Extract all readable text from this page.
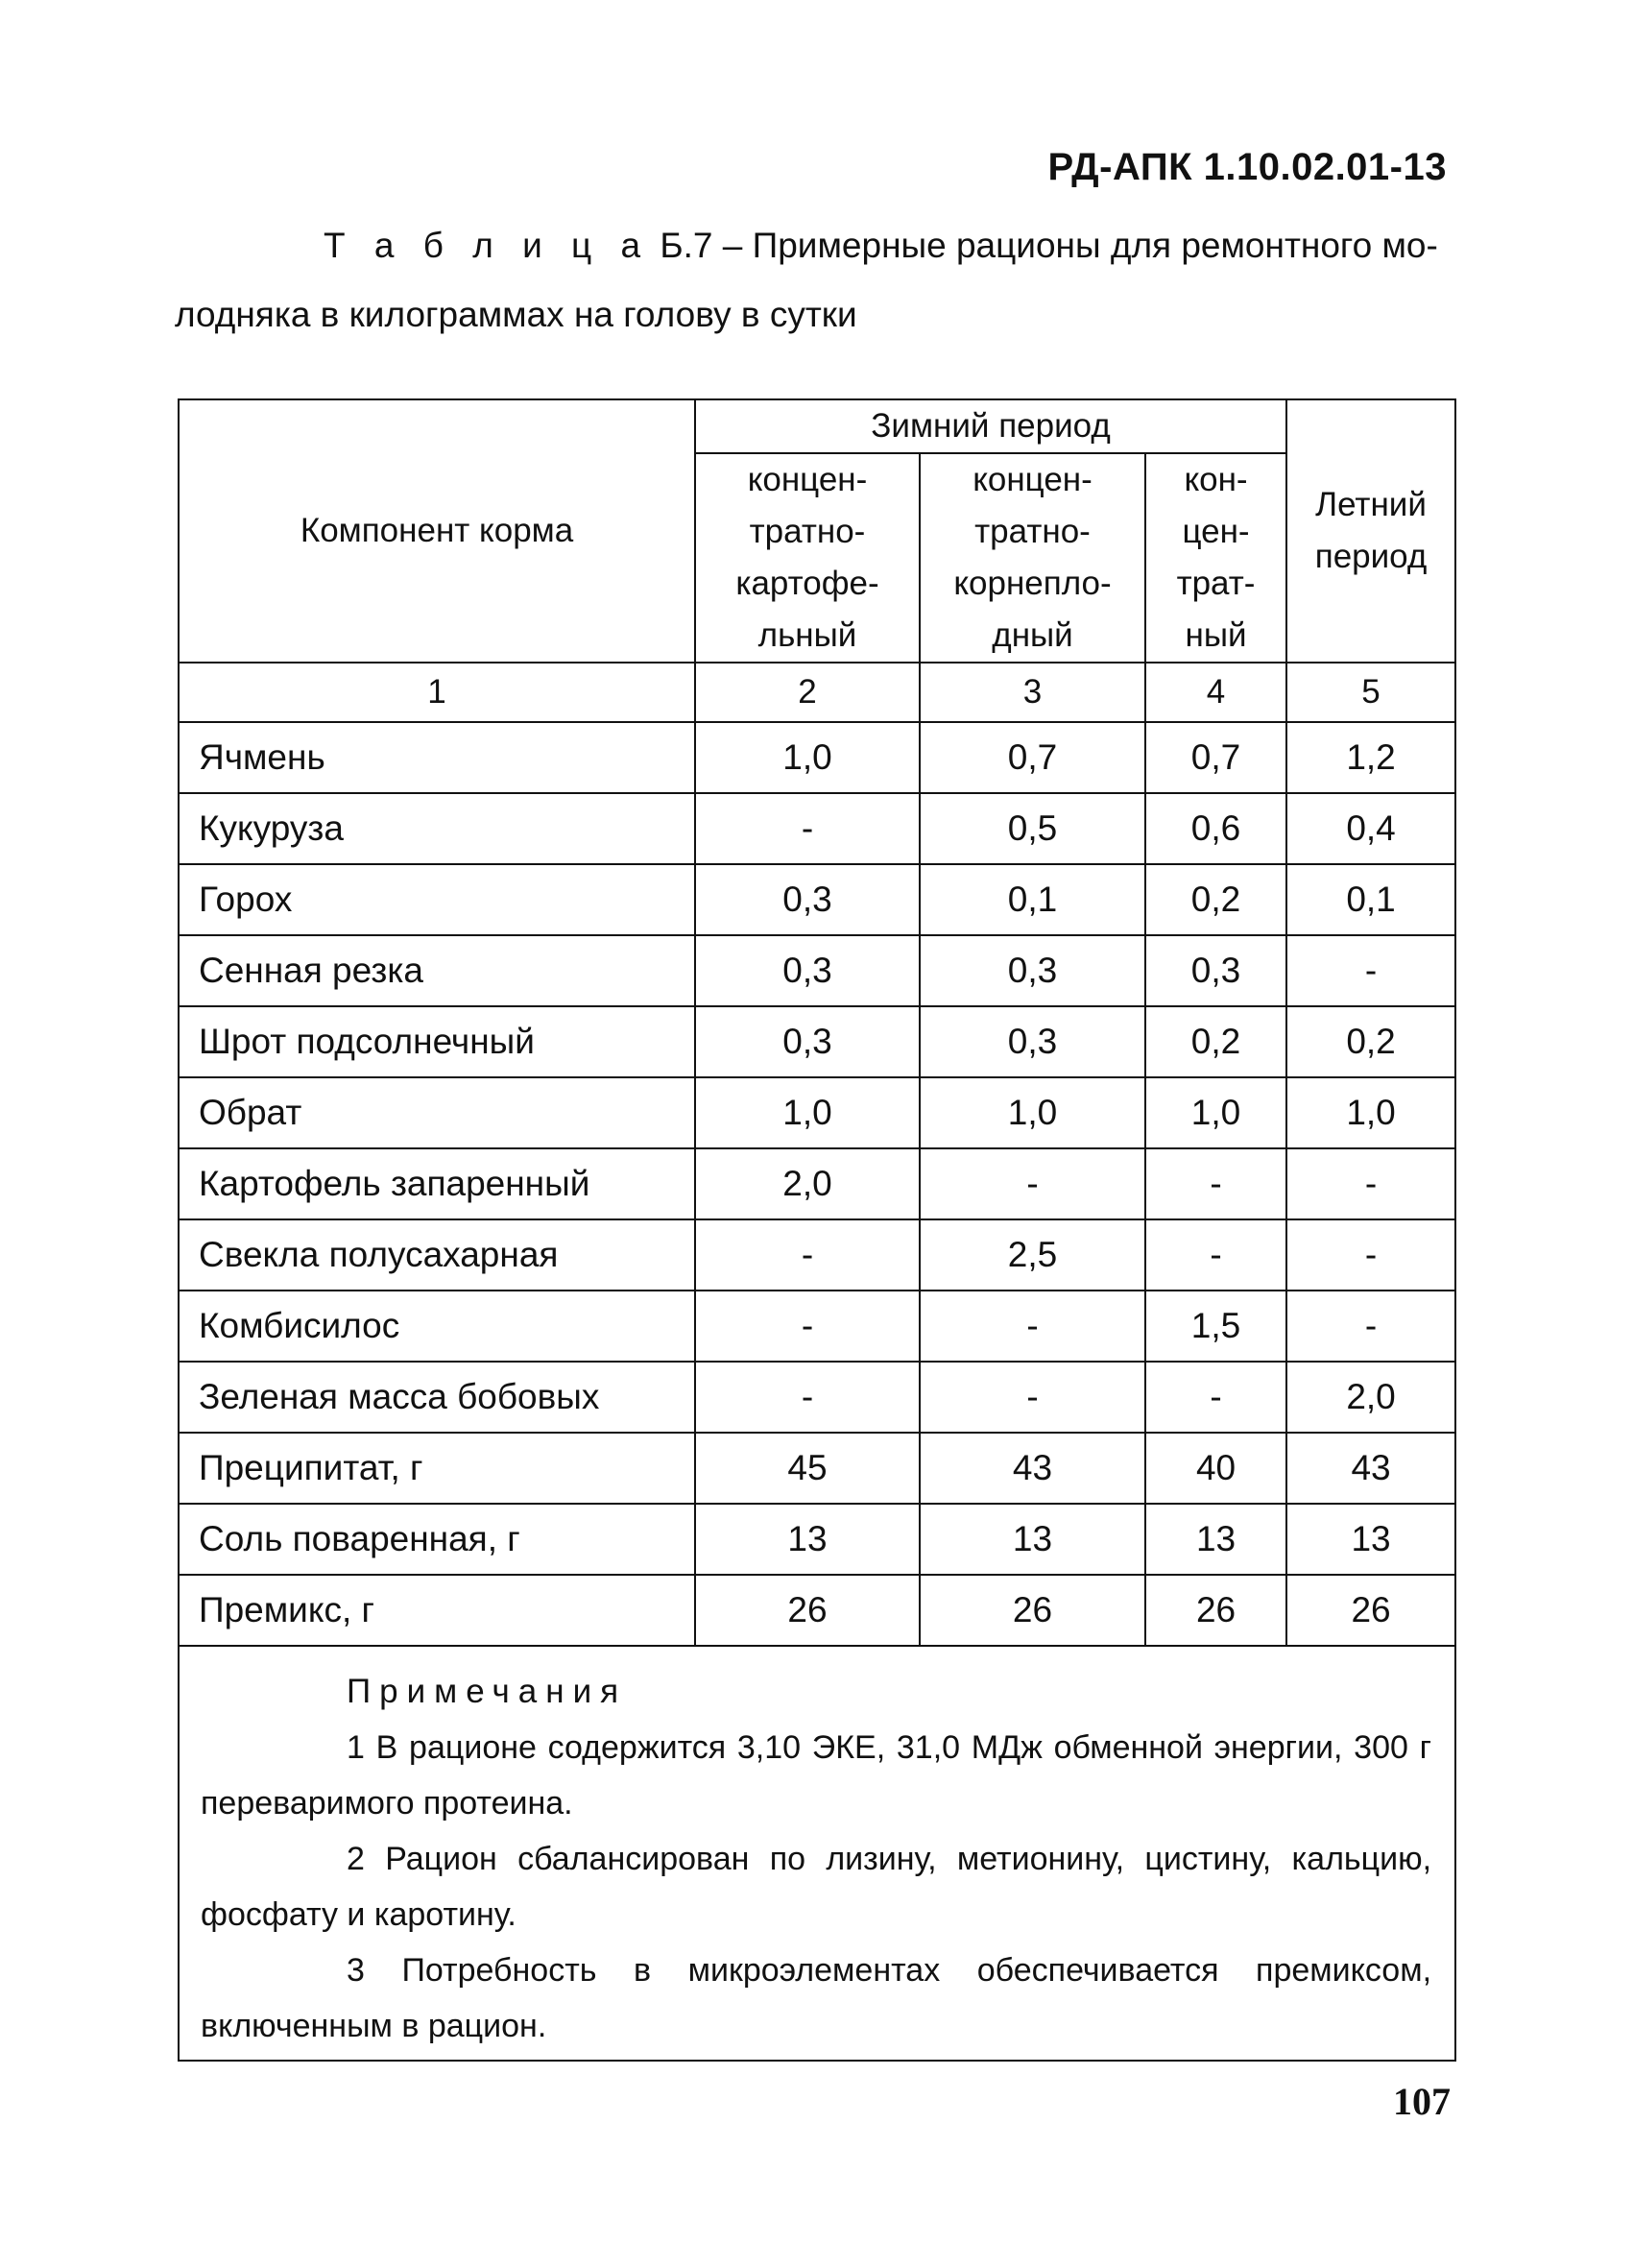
РД-АПК 1.10.02.01-13
Т а б л и ц а Б.7 – Примерные рационы для ремонтного мо-
лодняка в килограммах на голову в сутки
Компонент корма	Зимний период			Летний
период
	концен-
тратно-
картофе-
льный	концен-
тратно-
корнепло-
дный	кон-
цен-
трат-
ный	
1	2	3	4	5
Ячмень	1,0	0,7	0,7	1,2
Кукуруза	-	0,5	0,6	0,4
Горох	0,3	0,1	0,2	0,1
Сенная резка	0,3	0,3	0,3	-
Шрот подсолнечный	0,3	0,3	0,2	0,2
Обрат	1,0	1,0	1,0	1,0
Картофель запаренный	2,0	-	-	-
Свекла полусахарная	-	2,5	-	-
Комбисилос	-	-	1,5	-
Зеленая масса бобовых	-	-	-	2,0
Преципитат, г	45	43	40	43
Соль поваренная, г	13	13	13	13
Премикс, г	26	26	26	26

Примечания
1 В рационе содержится 3,10 ЭКЕ, 31,0 МДж обменной энергии, 300 г переваримого протеина.
2 Рацион сбалансирован по лизину, метионину, цистину, кальцию, фосфату и каротину.
3 Потребность в микроэлементах обеспечивается премиксом, включенным в рацион.				
107
